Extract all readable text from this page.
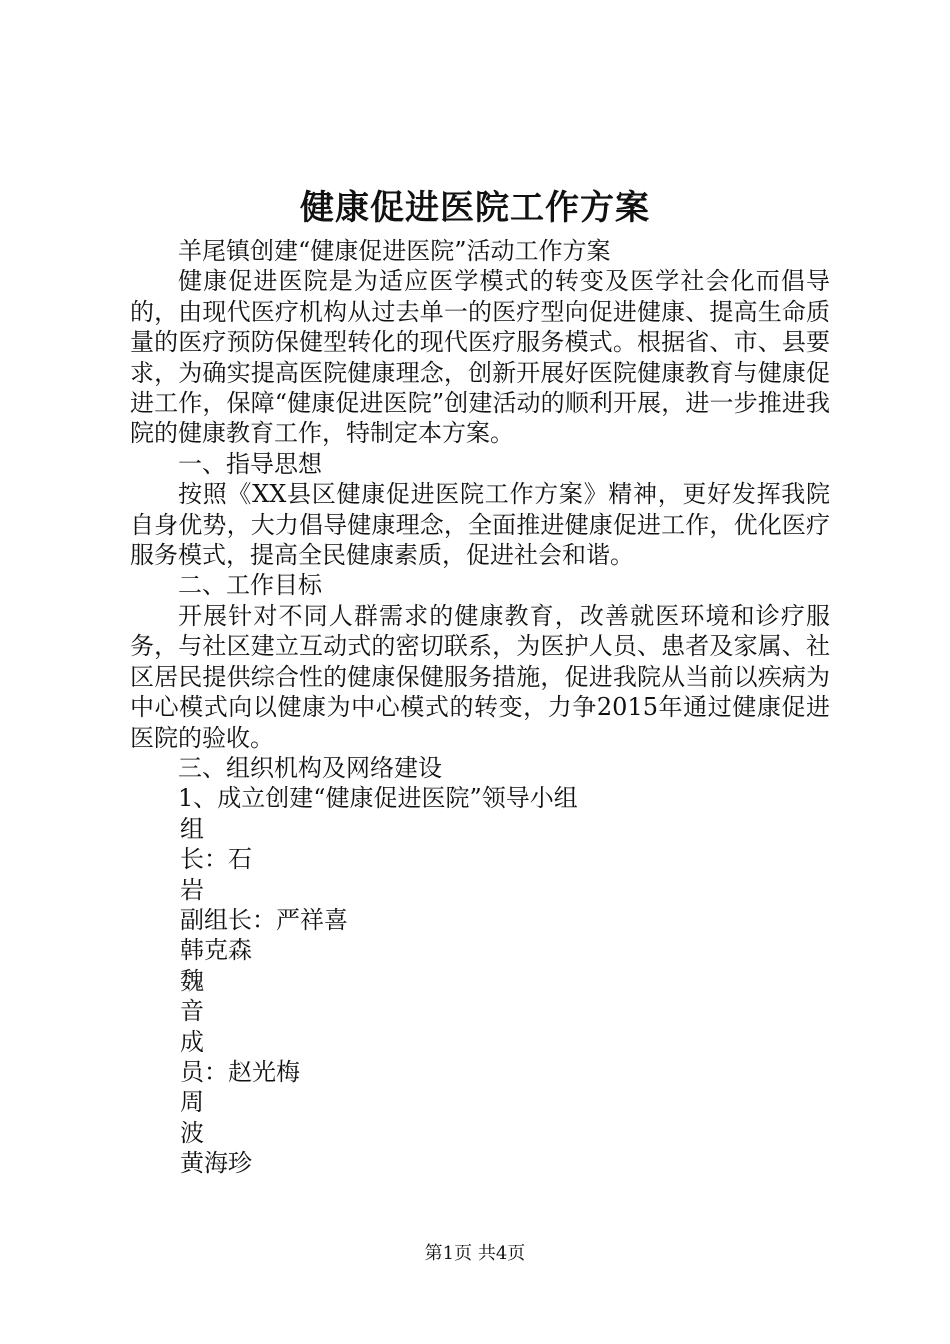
健康促进医院工作方案

羊尾镇创建“健康促进医院”活动工作方案

健康促进医院是为适应医学模式的转变及医学社会化而倡导的，由现代医疗机构从过去单一的医疗型向促进健康、提高生命质量的医疗预防保健型转化的现代医疗服务模式。根据省、市、县要求，为确实提高医院健康理念，创新开展好医院健康教育与健康促进工作，保障“健康促进医院”创建活动的顺利开展，进一步推进我院的健康教育工作，特制定本方案。

一、指导思想

按照《XX县区健康促进医院工作方案》精神，更好发挥我院自身优势，大力倡导健康理念，全面推进健康促进工作，优化医疗服务模式，提高全民健康素质，促进社会和谐。

二、工作目标

开展针对不同人群需求的健康教育，改善就医环境和诊疗服务，与社区建立互动式的密切联系，为医护人员、患者及家属、社区居民提供综合性的健康保健服务措施，促进我院从当前以疾病为中心模式向以健康为中心模式的转变，力争2015年通过健康促进医院的验收。

三、组织机构及网络建设

1、成立创建“健康促进医院”领导小组

组
长：石
岩
副组长：严祥喜
韩克森
魏
音
成
员：赵光梅
周
波
黄海珍
第1页 共4页
